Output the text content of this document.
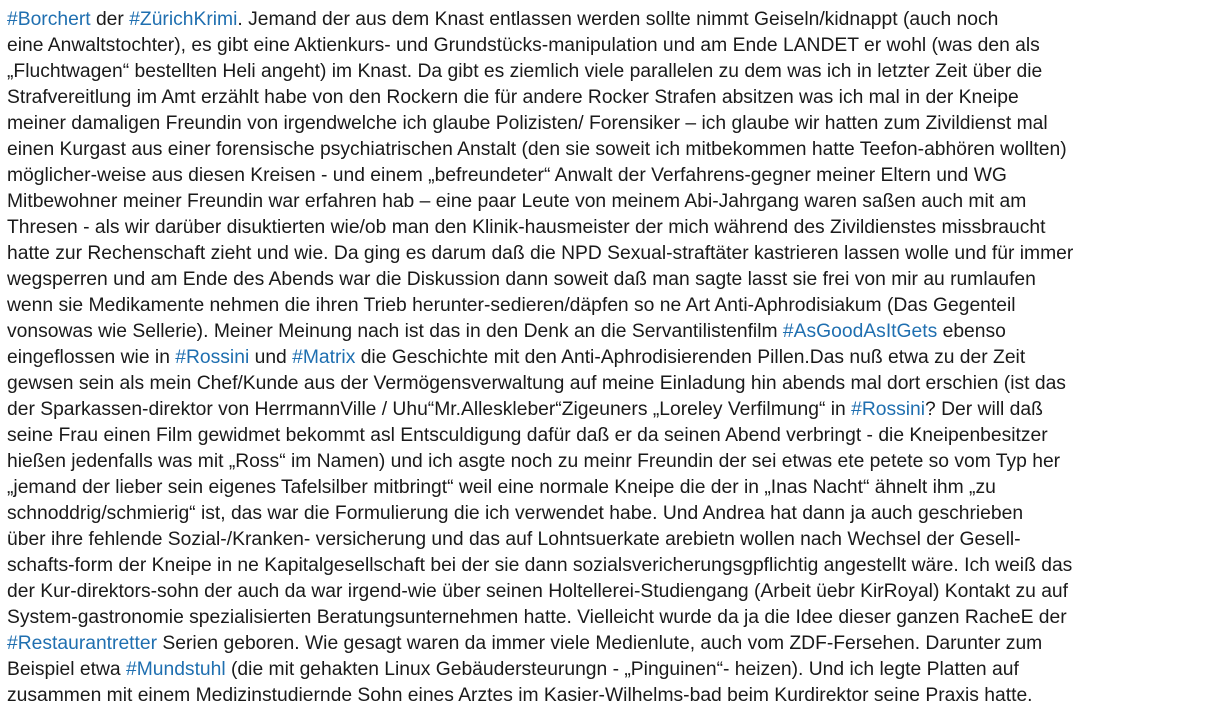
#Borchert der #ZürichKrimi. Jemand der aus dem Knast entlassen werden sollte nimmt Geiseln/kidnappt (auch noch

eine Anwaltstochter), es gibt eine Aktienkurs- und Grundstücks-manipulation und am Ende LANDET er wohl (was den als

„Fluchtwagen“ bestellten Heli angeht) im Knast. Da gibt es ziemlich viele parallelen zu dem was ich in letzter Zeit über die

Strafvereitlung im Amt erzählt habe von den Rockern die für andere Rocker Strafen absitzen was ich mal in der Kneipe

meiner damaligen Freundin von irgendwelche ich glaube Polizisten/ Forensiker – ich glaube wir hatten zum Zivildienst mal

einen Kurgast aus einer forensische psychiatrischen Anstalt (den sie soweit ich mitbekommen hatte Teefon-abhören wollten)

möglicher-weise aus diesen Kreisen - und einem „befreundeter“ Anwalt der Verfahrens-gegner meiner Eltern und WG

Mitbewohner meiner Freundin war erfahren hab – eine paar Leute von meinem Abi-Jahrgang waren saßen auch mit am

Thresen - als wir darüber disuktierten wie/ob man den Klinik-hausmeister der mich während des Zivildienstes missbraucht

hatte zur Rechenschaft zieht und wie. Da ging es darum daß die NPD Sexual-straftäter kastrieren lassen wolle und für immer

wegsperren und am Ende des Abends war die Diskussion dann soweit daß man sagte lasst sie frei von mir au rumlaufen

wenn sie Medikamente nehmen die ihren Trieb herunter-sedieren/däpfen so ne Art Anti-Aphrodisiakum (Das Gegenteil

vonsowas wie Sellerie). Meiner Meinung nach ist das in den Denk an die Servantilistenfilm #AsGoodAsItGets ebenso

eingeflossen wie in #Rossini und #Matrix die Geschichte mit den Anti-Aphrodisierenden Pillen.Das nuß etwa zu der Zeit

gewsen sein als mein Chef/Kunde aus der Vermögensverwaltung auf meine Einladung hin abends mal dort erschien (ist das

der Sparkassen-direktor von HerrmannVille / Uhu“Mr.Alleskleber“Zigeuners „Loreley Verfilmung“ in #Rossini? Der will daß

seine Frau einen Film gewidmet bekommt asl Entsculdigung dafür daß er da seinen Abend verbringt - die Kneipenbesitzer

hießen jedenfalls was mit „Ross“ im Namen) und ich asgte noch zu meinr Freundin der sei etwas ete petete so vom Typ her

„jemand der lieber sein eigenes Tafelsilber mitbringt“ weil eine normale Kneipe die der in „Inas Nacht“ ähnelt ihm „zu

schnoddrig/schmierig“ ist, das war die Formulierung die ich verwendet habe. Und Andrea hat dann ja auch geschrieben

über ihre fehlende Sozial-/Kranken- versicherung und das auf Lohntsuerkate arebietn wollen nach Wechsel der Gesell-

schafts-form der Kneipe in ne Kapitalgesellschaft bei der sie dann sozialsvericherungsgpflichtig angestellt wäre. Ich weiß das

der Kur-direktors-sohn der auch da war irgend-wie über seinen Holtellerei-Studiengang (Arbeit üebr KirRoyal) Kontakt zu auf

System-gastronomie spezialisierten Beratungsunternehmen hatte. Vielleicht wurde da ja die Idee dieser ganzen RacheE der

#Restaurantretter Serien geboren. Wie gesagt waren da immer viele Medienlute, auch vom ZDF-Fersehen. Darunter zum

Beispiel etwa #Mundstuhl (die mit gehakten Linux Gebäudersteurungn - „Pinguinen“- heizen). Und ich legte Platten auf

zusammen mit einem Medizinstudiernde Sohn eines Arztes im Kasier-Wilhelms-bad beim Kurdirektor seine Praxis hatte.
